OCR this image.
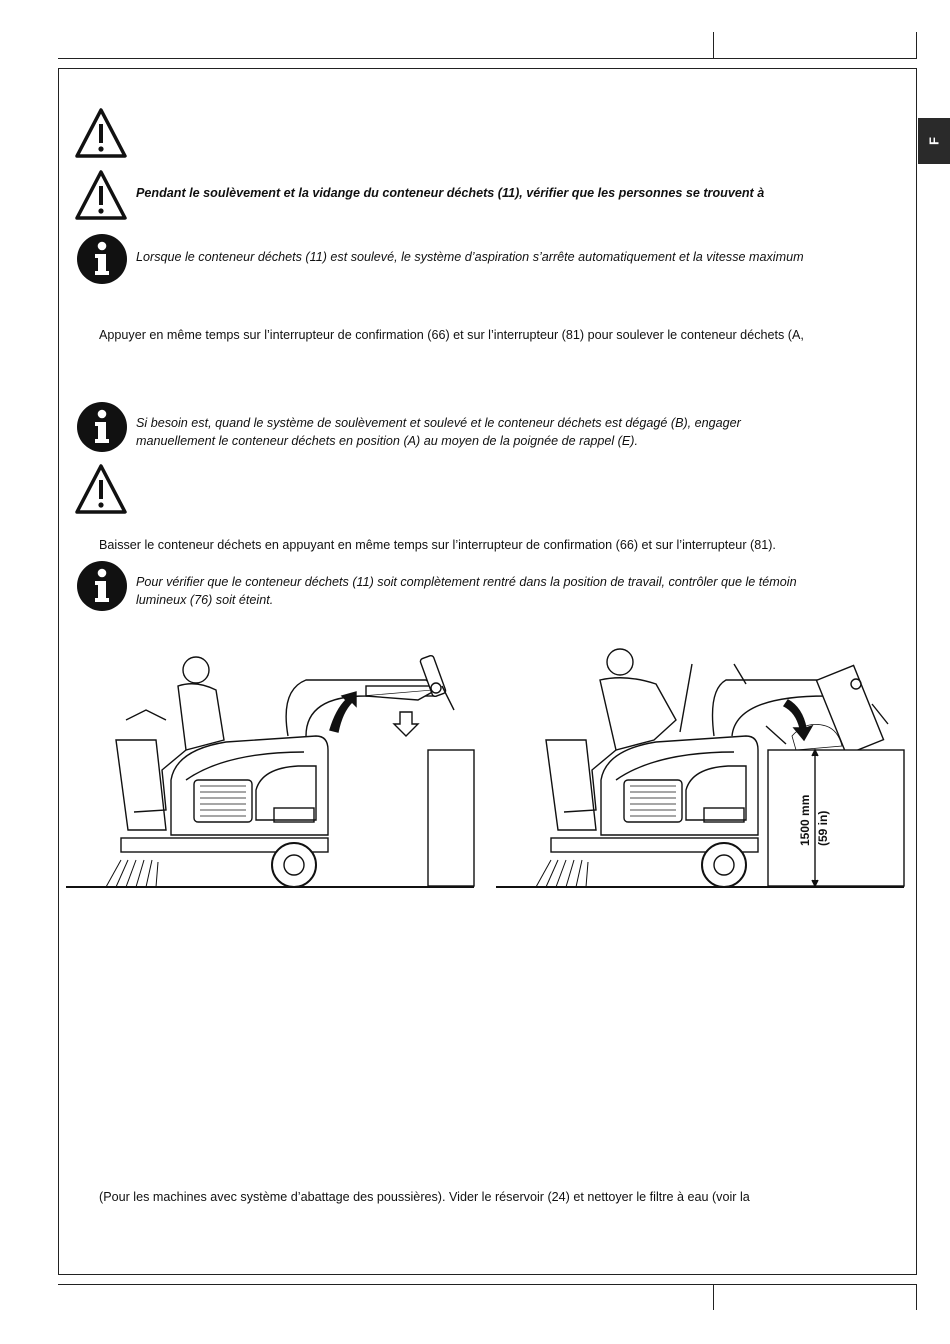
F
Pendant le soulèvement et la vidange du conteneur déchets (11), vérifier que les personnes se trouvent à
Lorsque le conteneur déchets (11) est soulevé, le système d’aspiration s’arrête automatiquement et la vitesse maximum
Appuyer en même temps sur l’interrupteur de confirmation (66) et sur l’interrupteur (81) pour soulever le conteneur déchets (A,
Si besoin est, quand le système de soulèvement et soulevé et le conteneur déchets est dégagé (B), engager
manuellement le conteneur déchets en position (A) au moyen de la poignée de rappel (E).
Baisser le conteneur déchets en appuyant en même temps sur l’interrupteur de confirmation (66) et sur l’interrupteur (81).
Pour vérifier que le conteneur déchets (11) soit complètement rentré dans la position de travail, contrôler que le témoin
lumineux (76) soit éteint.
1500 mm (59 in)
(Pour les machines avec système d’abattage des poussières). Vider le réservoir (24) et nettoyer le filtre à eau (voir la
